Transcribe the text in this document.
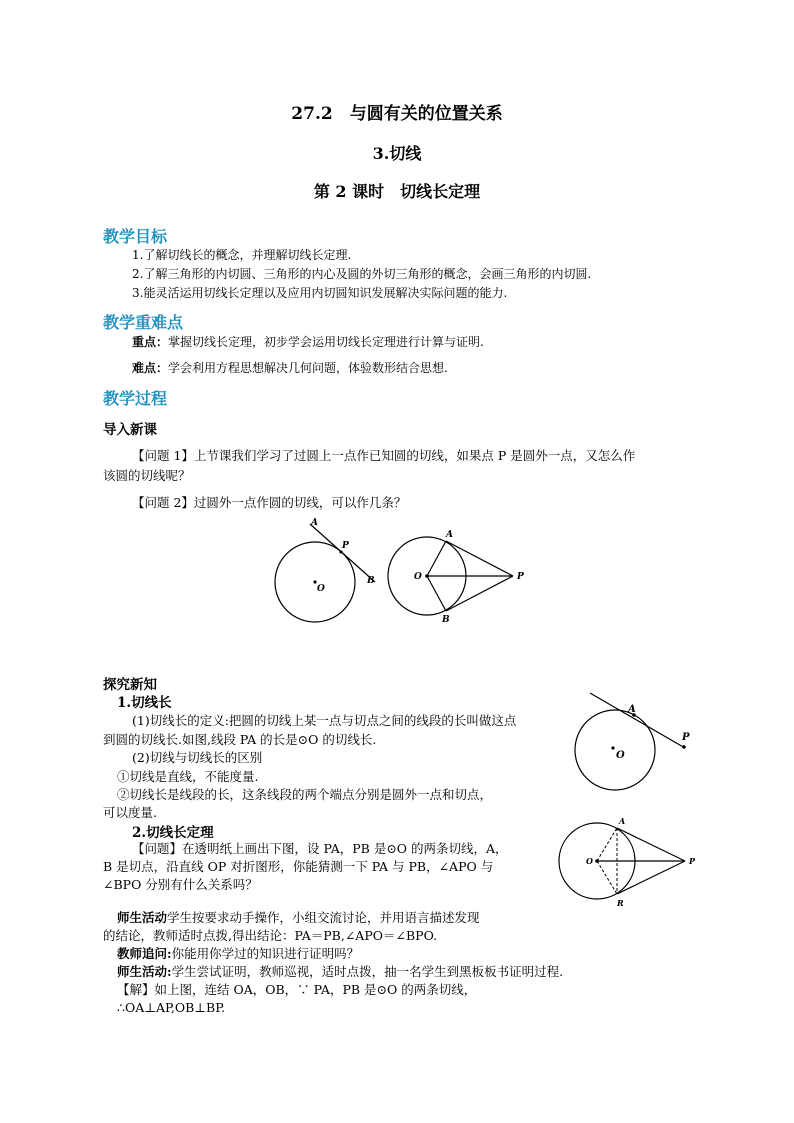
27.2　与圆有关的位置关系
3.切线
第 2 课时　切线长定理
教学目标
1.了解切线长的概念，并理解切线长定理.
2.了解三角形的内切圆、三角形的内心及圆的外切三角形的概念，会画三角形的内切圆.
3.能灵活运用切线长定理以及应用内切圆知识发展解决实际问题的能力.
教学重难点
重点：掌握切线长定理，初步学会运用切线长定理进行计算与证明.
难点：学会利用方程思想解决几何问题，体验数形结合思想.
教学过程
导入新课
【问题 1】上节课我们学习了过圆上一点作已知圆的切线，如果点 P 是圆外一点，又怎么作
该圆的切线呢？
【问题 2】过圆外一点作圆的切线，可以作几条？
A
P
B
O
A
O	P
B
探究新知
1.切线长
(1)切线长的定义:把圆的切线上某一点与切点之间的线段的长叫做这点
到圆的切线长.如图,线段 PA 的长是⊙O 的切线长.
(2)切线与切线长的区别
①切线是直线，不能度量.
②切线长是线段的长，这条线段的两个端点分别是圆外一点和切点，
可以度量.
A
P
O
2.切线长定理
【问题】在透明纸上画出下图，设 PA，PB 是⊙O 的两条切线，A，
B 是切点，沿直线 OP 对折图形，你能猜测一下 PA 与 PB，∠APO 与
∠BPO 分别有什么关系吗？
A
O	P
R
师生活动学生按要求动手操作，小组交流讨论，并用语言描述发现
的结论，教师适时点拨,得出结论：PA＝PB,∠APO＝∠BPO.
教师追问:你能用你学过的知识进行证明吗？
师生活动:学生尝试证明，教师巡视，适时点拨，抽一名学生到黑板板书证明过程.
【解】如上图，连结 OA，OB，∵ PA，PB 是⊙O 的两条切线，
∴OA⊥AP,OB⊥BP.
